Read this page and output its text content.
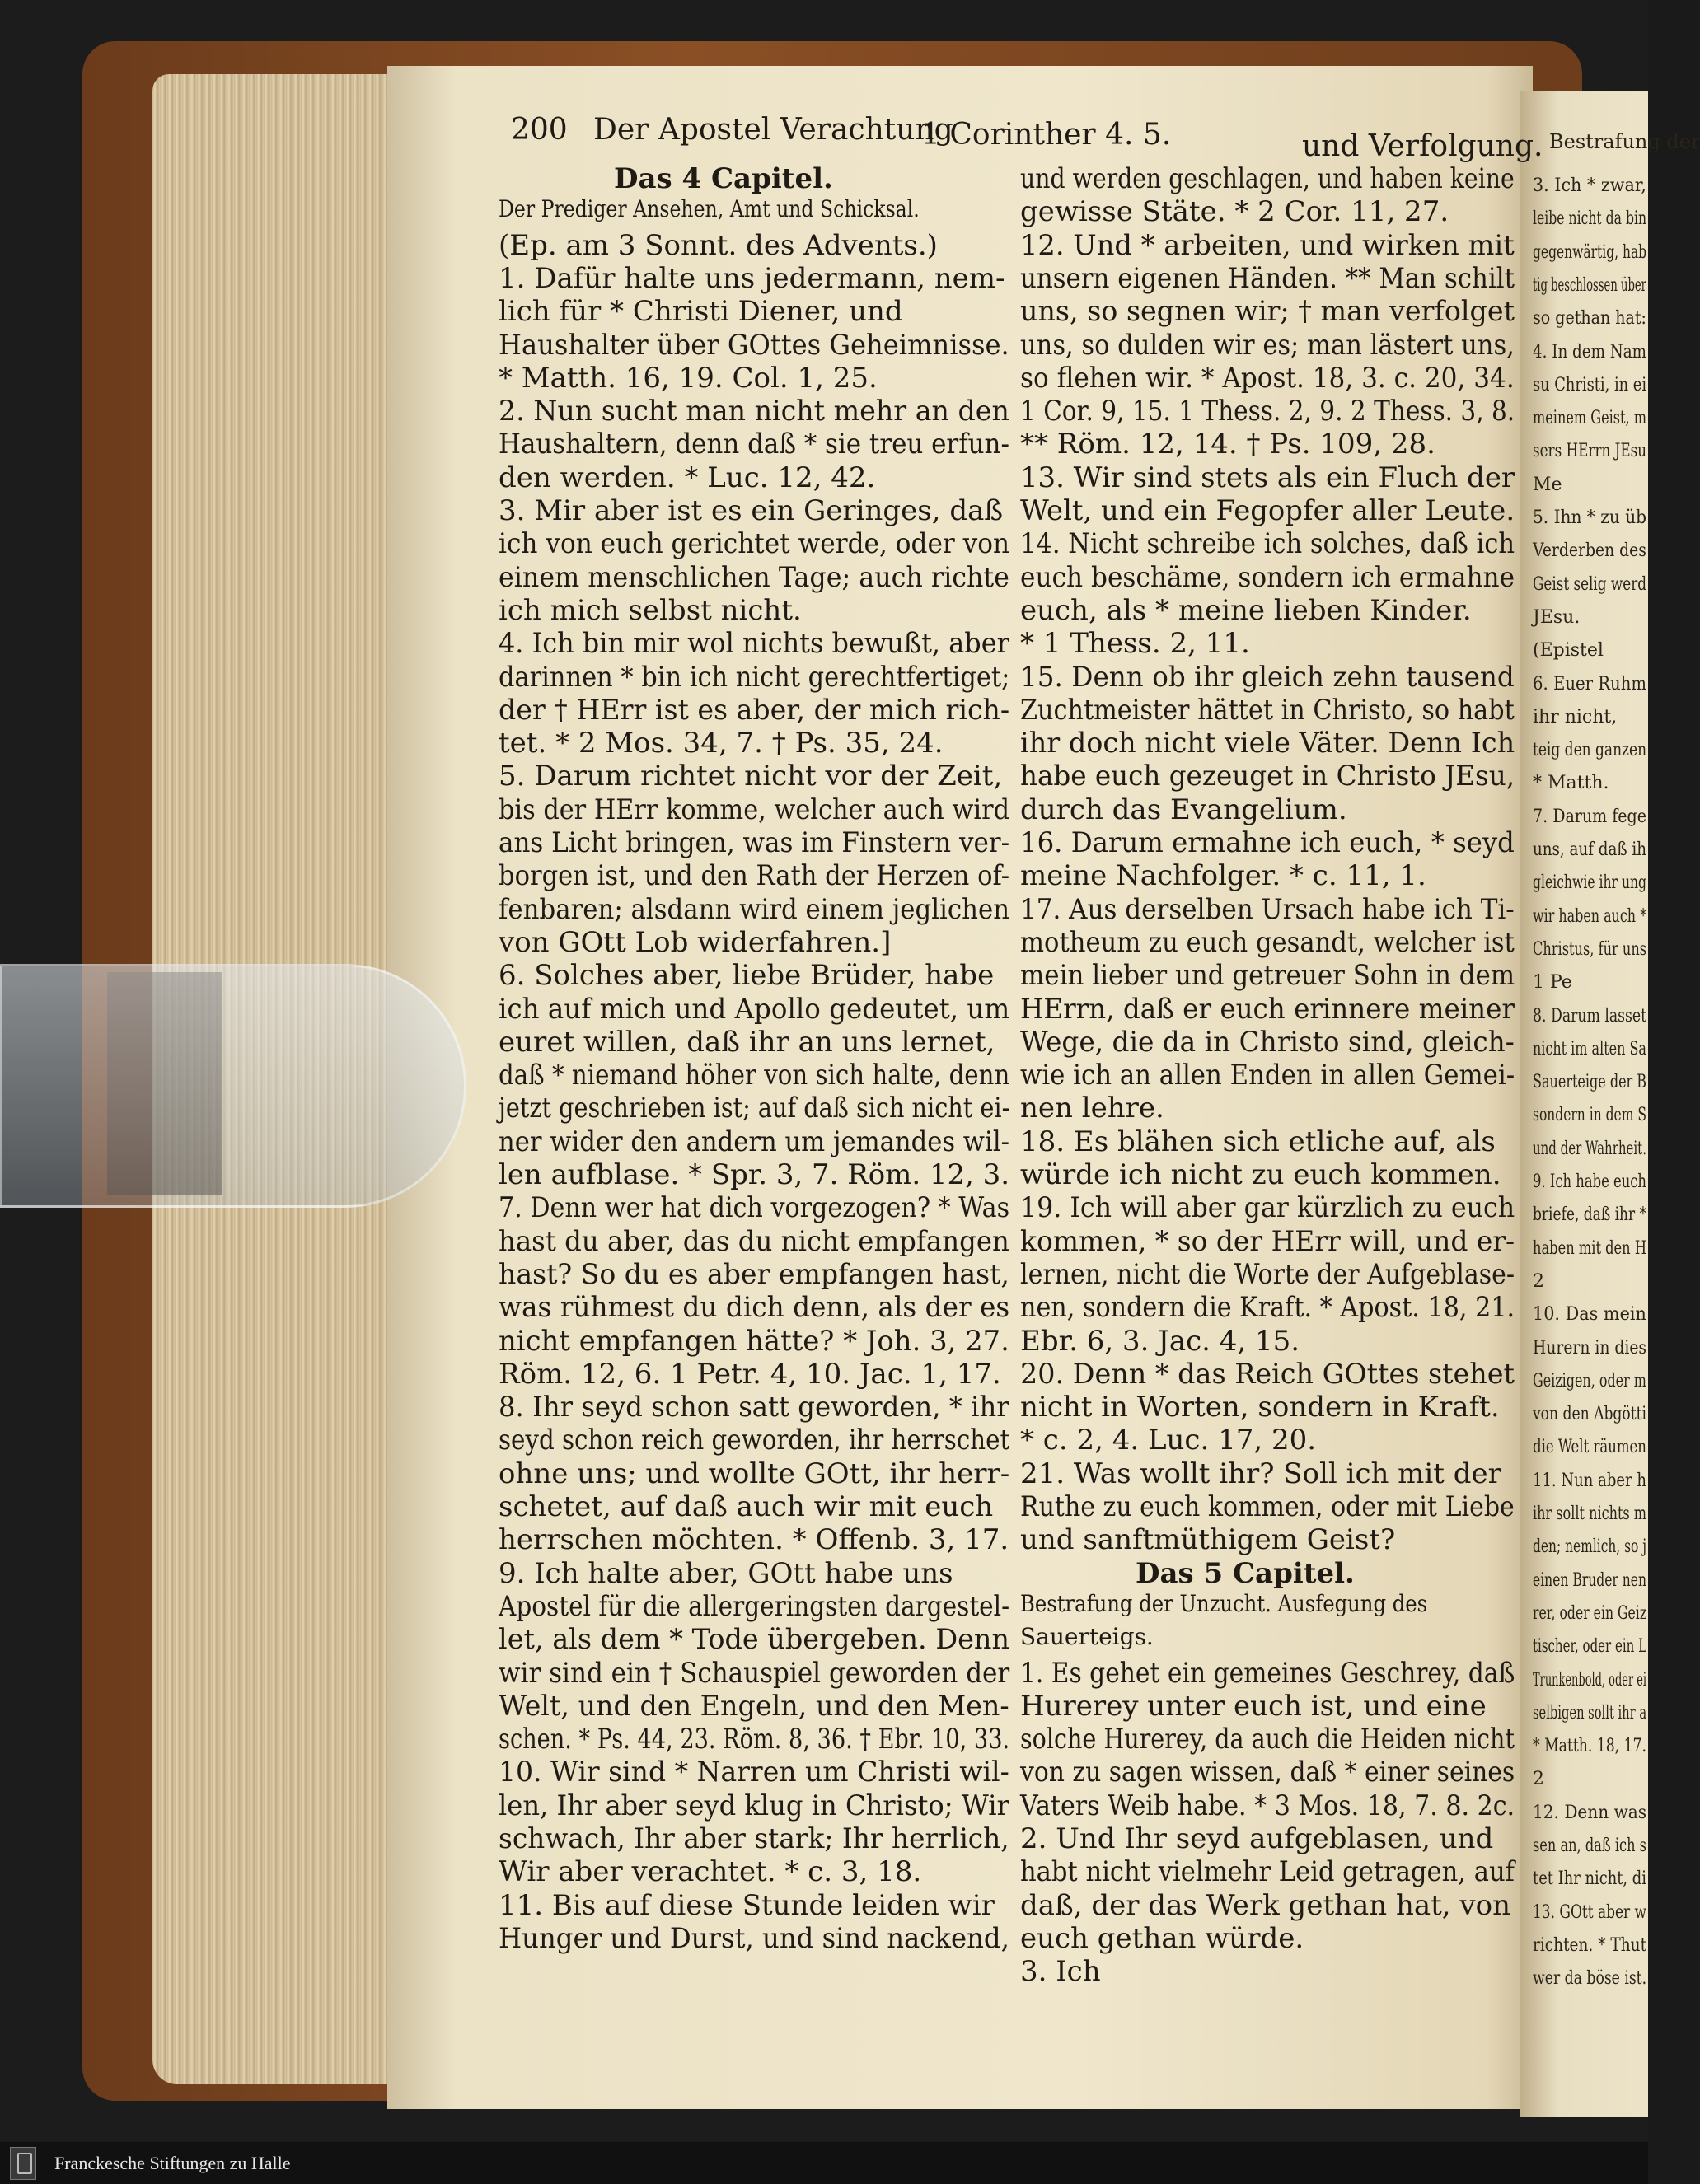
200 Der Apostel Verachtung
1 Corinther 4. 5.	und Verfolgung. Bestrafung der
Das 4 Capitel.
Der Prediger Ansehen, Amt und Schicksal.
(Ep. am 3 Sonnt. des Advents.)
1. Dafür halte uns jedermann, nem-
lich für * Christi Diener, und
Haushalter über GOttes Geheimnisse.
* Matth. 16, 19. Col. 1, 25.
2. Nun sucht man nicht mehr an den
Haushaltern, denn daß * sie treu erfun-
den werden. * Luc. 12, 42.
3. Mir aber ist es ein Geringes, daß
ich von euch gerichtet werde, oder von
einem menschlichen Tage; auch richte
ich mich selbst nicht.
4. Ich bin mir wol nichts bewußt, aber
darinnen * bin ich nicht gerechtfertiget;
der † HErr ist es aber, der mich rich-
tet. * 2 Mos. 34, 7. † Ps. 35, 24.
5. Darum richtet nicht vor der Zeit,
bis der HErr komme, welcher auch wird
ans Licht bringen, was im Finstern ver-
borgen ist, und den Rath der Herzen of-
fenbaren; alsdann wird einem jeglichen
von GOtt Lob widerfahren.]
6. Solches aber, liebe Brüder, habe
ich auf mich und Apollo gedeutet, um
euret willen, daß ihr an uns lernet,
daß * niemand höher von sich halte, denn
jetzt geschrieben ist; auf daß sich nicht ei-
ner wider den andern um jemandes wil-
len aufblase. * Spr. 3, 7. Röm. 12, 3.
7. Denn wer hat dich vorgezogen? * Was
hast du aber, das du nicht empfangen
hast? So du es aber empfangen hast,
was rühmest du dich denn, als der es
nicht empfangen hätte? * Joh. 3, 27.
Röm. 12, 6. 1 Petr. 4, 10. Jac. 1, 17.
8. Ihr seyd schon satt geworden, * ihr
seyd schon reich geworden, ihr herrschet
ohne uns; und wollte GOtt, ihr herr-
schetet, auf daß auch wir mit euch
herrschen möchten. * Offenb. 3, 17.
9. Ich halte aber, GOtt habe uns
Apostel für die allergeringsten dargestel-
let, als dem * Tode übergeben. Denn
wir sind ein † Schauspiel geworden der
Welt, und den Engeln, und den Men-
schen. * Ps. 44, 23. Röm. 8, 36. † Ebr. 10, 33.
10. Wir sind * Narren um Christi wil-
len, Ihr aber seyd klug in Christo; Wir
schwach, Ihr aber stark; Ihr herrlich,
Wir aber verachtet. * c. 3, 18.
11. Bis auf diese Stunde leiden wir
Hunger und Durst, und sind nackend,
und werden geschlagen, und haben keine
gewisse Stäte. * 2 Cor. 11, 27.
12. Und * arbeiten, und wirken mit
unsern eigenen Händen. ** Man schilt
uns, so segnen wir; † man verfolget
uns, so dulden wir es; man lästert uns,
so flehen wir. * Apost. 18, 3. c. 20, 34.
1 Cor. 9, 15. 1 Thess. 2, 9. 2 Thess. 3, 8.
** Röm. 12, 14. † Ps. 109, 28.
13. Wir sind stets als ein Fluch der
Welt, und ein Fegopfer aller Leute.
14. Nicht schreibe ich solches, daß ich
euch beschäme, sondern ich ermahne
euch, als * meine lieben Kinder.
* 1 Thess. 2, 11.
15. Denn ob ihr gleich zehn tausend
Zuchtmeister hättet in Christo, so habt
ihr doch nicht viele Väter. Denn Ich
habe euch gezeuget in Christo JEsu,
durch das Evangelium.
16. Darum ermahne ich euch, * seyd
meine Nachfolger. * c. 11, 1.
17. Aus derselben Ursach habe ich Ti-
motheum zu euch gesandt, welcher ist
mein lieber und getreuer Sohn in dem
HErrn, daß er euch erinnere meiner
Wege, die da in Christo sind, gleich-
wie ich an allen Enden in allen Gemei-
nen lehre.
18. Es blähen sich etliche auf, als
würde ich nicht zu euch kommen.
19. Ich will aber gar kürzlich zu euch
kommen, * so der HErr will, und er-
lernen, nicht die Worte der Aufgeblase-
nen, sondern die Kraft. * Apost. 18, 21.
Ebr. 6, 3. Jac. 4, 15.
20. Denn * das Reich GOttes stehet
nicht in Worten, sondern in Kraft.
* c. 2, 4. Luc. 17, 20.
21. Was wollt ihr? Soll ich mit der
Ruthe zu euch kommen, oder mit Liebe
und sanftmüthigem Geist?
Das 5 Capitel.
Bestrafung der Unzucht. Ausfegung des
Sauerteigs.
1. Es gehet ein gemeines Geschrey, daß
Hurerey unter euch ist, und eine
solche Hurerey, da auch die Heiden nicht
von zu sagen wissen, daß * einer seines
Vaters Weib habe. * 3 Mos. 18, 7. 8. 2c.
2. Und Ihr seyd aufgeblasen, und
habt nicht vielmehr Leid getragen, auf
daß, der das Werk gethan hat, von
euch gethan würde.
3. Ich
3. Ich * zwar,
leibe nicht da bin
gegenwärtig, hab
tig beschlossen über
so gethan hat:
4. In dem Nam
su Christi, in ei
meinem Geist, m
sers HErrn JEsu
Me
5. Ihn * zu üb
Verderben des
Geist selig werd
JEsu.
(Epistel
6. Euer Ruhm
ihr nicht,
teig den ganzen
* Matth.
7. Darum fege
uns, auf daß ih
gleichwie ihr ung
wir haben auch *
Christus, für uns
1 Pe
8. Darum lasset
nicht im alten Sa
Sauerteige der B
sondern in dem S
und der Wahrheit.
9. Ich habe euch
briefe, daß ihr *
haben mit den H
2
10. Das mein
Hurern in dies
Geizigen, oder m
von den Abgötti
die Welt räumen
11. Nun aber h
ihr sollt nichts m
den; nemlich, so j
einen Bruder nen
rer, oder ein Geiz
tischer, oder ein L
Trunkenbold, oder ei
selbigen sollt ihr a
* Matth. 18, 17.
2
12. Denn was
sen an, daß ich s
tet Ihr nicht, di
13. GOtt aber w
richten. * Thut
wer da böse ist.
Franckesche Stiftungen zu Halle
